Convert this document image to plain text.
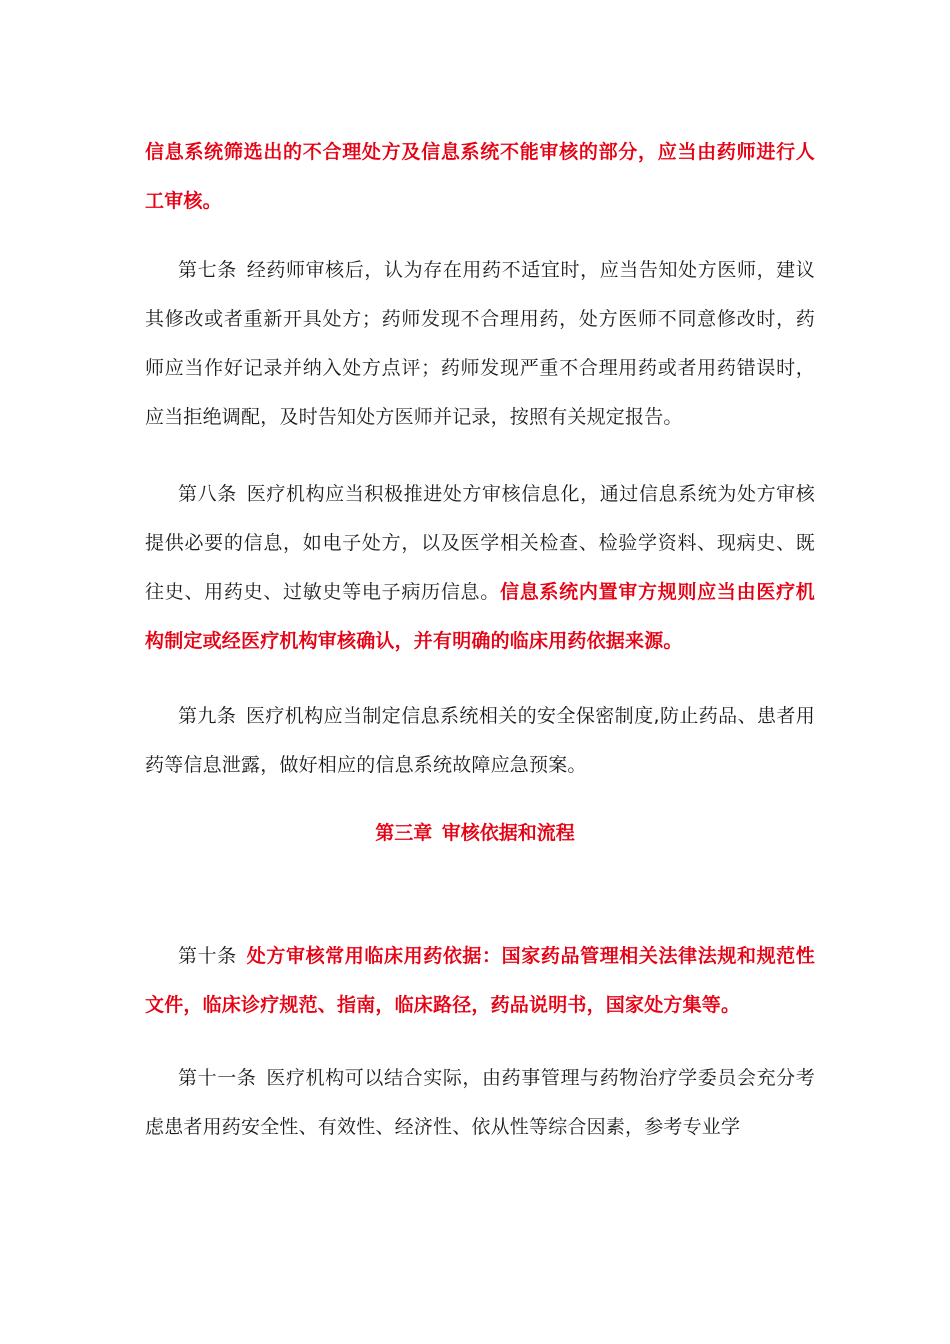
信息系统筛选出的不合理处方及信息系统不能审核的部分，应当由药师进行人工审核。

第七条 经药师审核后，认为存在用药不适宜时，应当告知处方医师，建议其修改或者重新开具处方；药师发现不合理用药，处方医师不同意修改时，药师应当作好记录并纳入处方点评；药师发现严重不合理用药或者用药错误时，应当拒绝调配，及时告知处方医师并记录，按照有关规定报告。

第八条 医疗机构应当积极推进处方审核信息化，通过信息系统为处方审核提供必要的信息，如电子处方，以及医学相关检查、检验学资料、现病史、既往史、用药史、过敏史等电子病历信息。信息系统内置审方规则应当由医疗机构制定或经医疗机构审核确认，并有明确的临床用药依据来源。

第九条 医疗机构应当制定信息系统相关的安全保密制度,防止药品、患者用药等信息泄露，做好相应的信息系统故障应急预案。

第三章 审核依据和流程

第十条 处方审核常用临床用药依据：国家药品管理相关法律法规和规范性文件，临床诊疗规范、指南，临床路径，药品说明书，国家处方集等。

第十一条 医疗机构可以结合实际，由药事管理与药物治疗学委员会充分考虑患者用药安全性、有效性、经济性、依从性等综合因素，参考专业学
